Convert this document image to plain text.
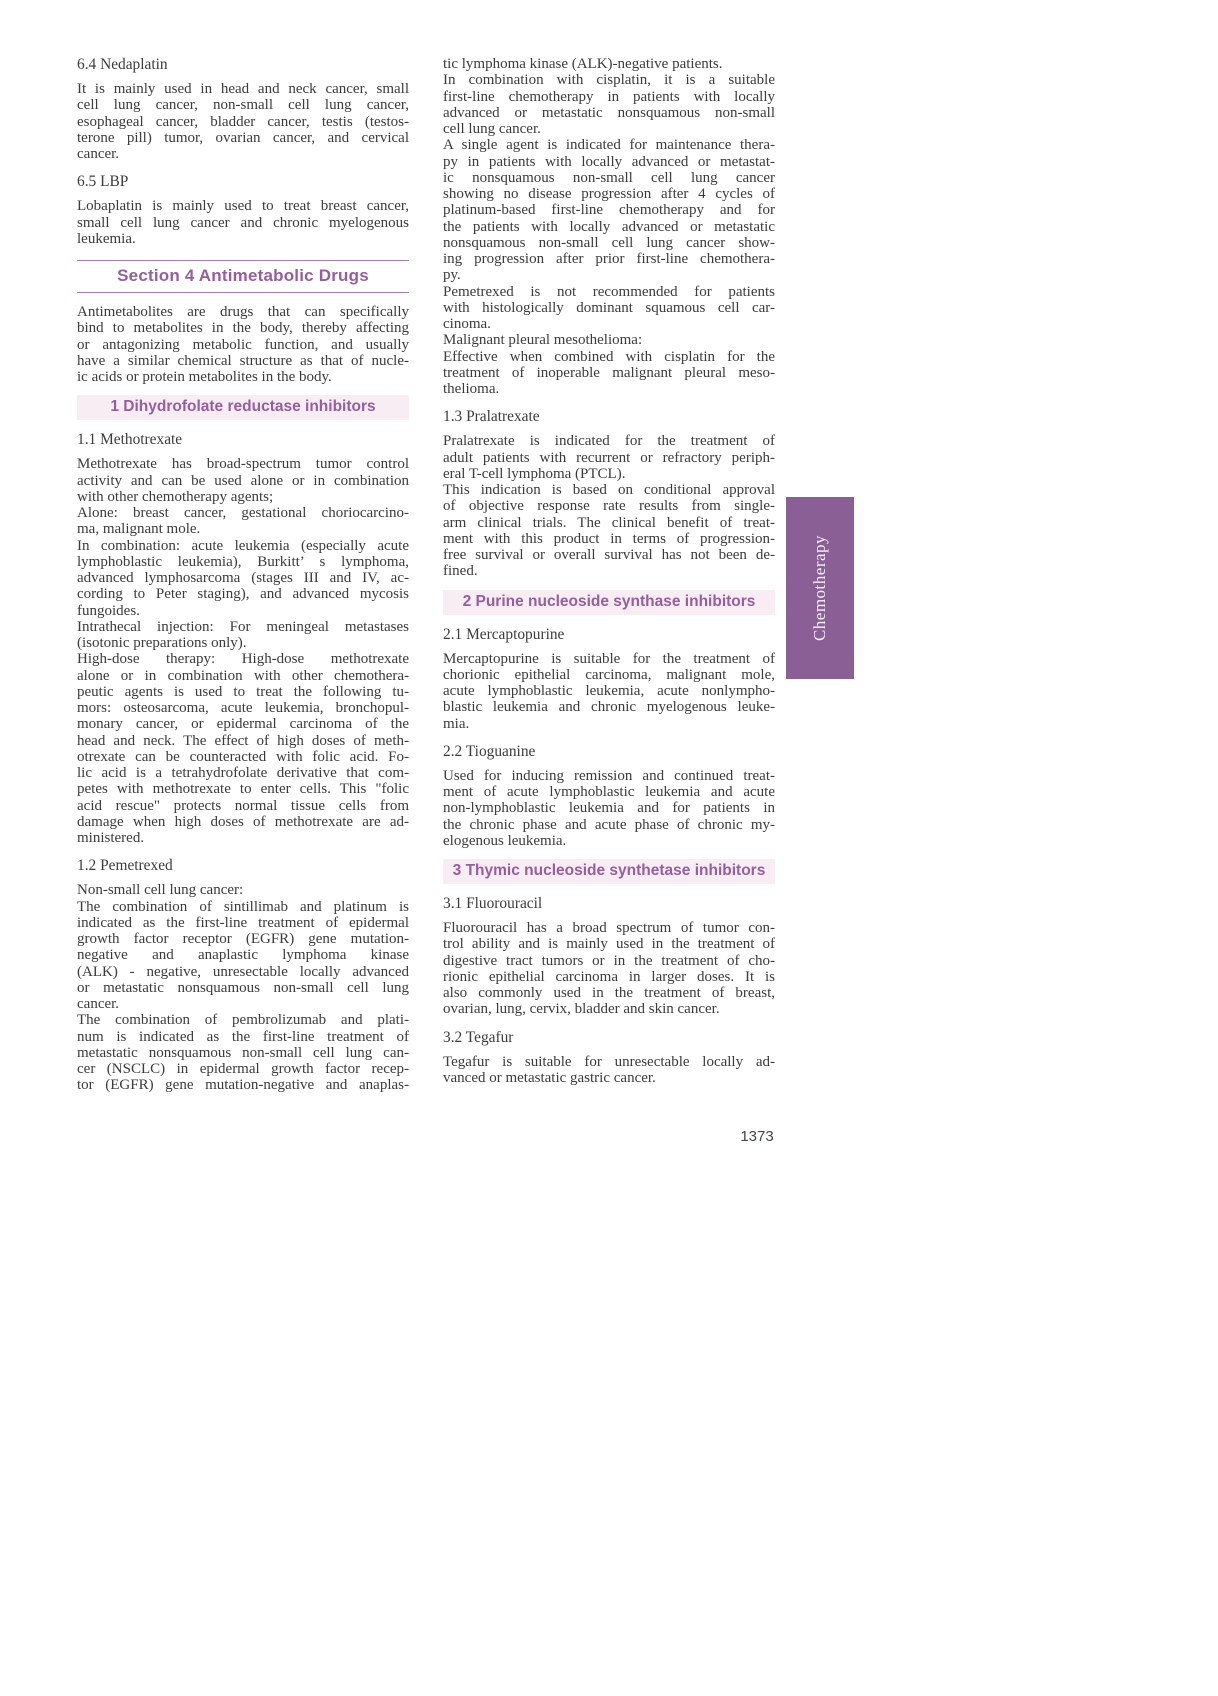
6.4 Nedaplatin
It is mainly used in head and neck cancer, small
cell lung cancer, non-small cell lung cancer,
esophageal cancer, bladder cancer, testis (testos-
terone pill) tumor, ovarian cancer, and cervical
cancer.
6.5 LBP
Lobaplatin is mainly used to treat breast cancer,
small cell lung cancer and chronic myelogenous
leukemia.
Section 4 Antimetabolic Drugs
Antimetabolites are drugs that can specifically
bind to metabolites in the body, thereby affecting
or antagonizing metabolic function, and usually
have a similar chemical structure as that of nucle-
ic acids or protein metabolites in the body.
1 Dihydrofolate reductase inhibitors
1.1 Methotrexate
Methotrexate has broad-spectrum tumor control
activity and can be used alone or in combination
with other chemotherapy agents;
Alone: breast cancer, gestational choriocarcino-
ma, malignant mole.
In combination: acute leukemia (especially acute
lymphoblastic leukemia), Burkitt’ s lymphoma,
advanced lymphosarcoma (stages III and IV, ac-
cording to Peter staging), and advanced mycosis
fungoides.
Intrathecal injection: For meningeal metastases
(isotonic preparations only).
High-dose therapy: High-dose methotrexate
alone or in combination with other chemothera-
peutic agents is used to treat the following tu-
mors: osteosarcoma, acute leukemia, bronchopul-
monary cancer, or epidermal carcinoma of the
head and neck. The effect of high doses of meth-
otrexate can be counteracted with folic acid. Fo-
lic acid is a tetrahydrofolate derivative that com-
petes with methotrexate to enter cells. This "folic
acid rescue" protects normal tissue cells from
damage when high doses of methotrexate are ad-
ministered.
1.2 Pemetrexed
Non-small cell lung cancer:
The combination of sintillimab and platinum is
indicated as the first-line treatment of epidermal
growth factor receptor (EGFR) gene mutation-
negative and anaplastic lymphoma kinase
(ALK) - negative, unresectable locally advanced
or metastatic nonsquamous non-small cell lung
cancer.
The combination of pembrolizumab and plati-
num is indicated as the first-line treatment of
metastatic nonsquamous non-small cell lung can-
cer (NSCLC) in epidermal growth factor recep-
tor (EGFR) gene mutation-negative and anaplas-
tic lymphoma kinase (ALK)-negative patients.
In combination with cisplatin, it is a suitable
first-line chemotherapy in patients with locally
advanced or metastatic nonsquamous non-small
cell lung cancer.
A single agent is indicated for maintenance thera-
py in patients with locally advanced or metastat-
ic nonsquamous non-small cell lung cancer
showing no disease progression after 4 cycles of
platinum-based first-line chemotherapy and for
the patients with locally advanced or metastatic
nonsquamous non-small cell lung cancer show-
ing progression after prior first-line chemothera-
py.
Pemetrexed is not recommended for patients
with histologically dominant squamous cell car-
cinoma.
Malignant pleural mesothelioma:
Effective when combined with cisplatin for the
treatment of inoperable malignant pleural meso-
thelioma.
1.3 Pralatrexate
Pralatrexate is indicated for the treatment of
adult patients with recurrent or refractory periph-
eral T-cell lymphoma (PTCL).
This indication is based on conditional approval
of objective response rate results from single-
arm clinical trials. The clinical benefit of treat-
ment with this product in terms of progression-
free survival or overall survival has not been de-
fined.
2 Purine nucleoside synthase inhibitors
2.1 Mercaptopurine
Mercaptopurine is suitable for the treatment of
chorionic epithelial carcinoma, malignant mole,
acute lymphoblastic leukemia, acute nonlympho-
blastic leukemia and chronic myelogenous leuke-
mia.
2.2 Tioguanine
Used for inducing remission and continued treat-
ment of acute lymphoblastic leukemia and acute
non-lymphoblastic leukemia and for patients in
the chronic phase and acute phase of chronic my-
elogenous leukemia.
3 Thymic nucleoside synthetase inhibitors
3.1 Fluorouracil
Fluorouracil has a broad spectrum of tumor con-
trol ability and is mainly used in the treatment of
digestive tract tumors or in the treatment of cho-
rionic epithelial carcinoma in larger doses. It is
also commonly used in the treatment of breast,
ovarian, lung, cervix, bladder and skin cancer.
3.2 Tegafur
Tegafur is suitable for unresectable locally ad-
vanced or metastatic gastric cancer.
Chemotherapy
1373
